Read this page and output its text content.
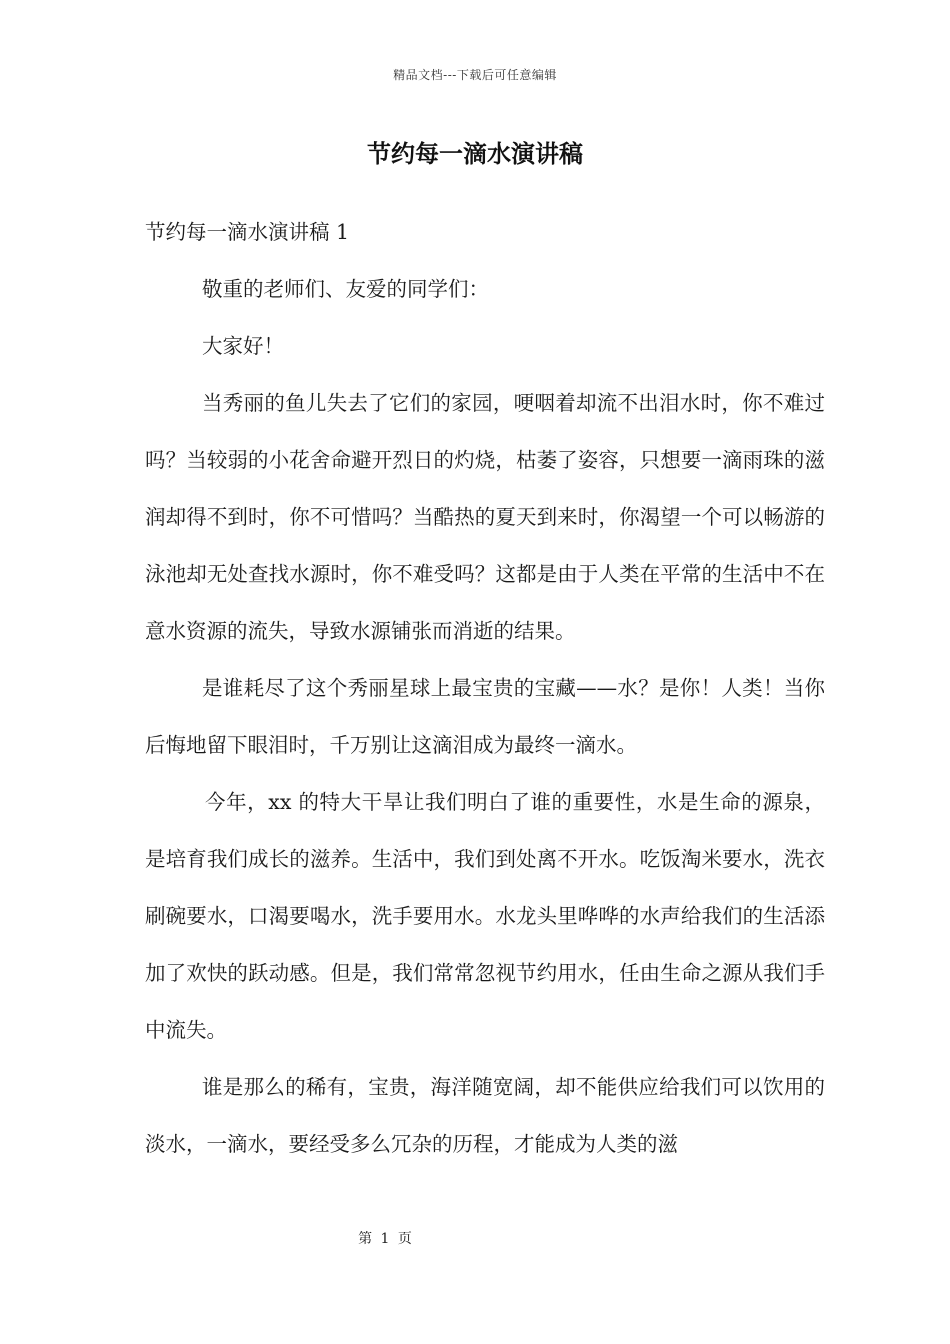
精品文档---下载后可任意编辑
节约每一滴水演讲稿

节约每一滴水演讲稿 1

敬重的老师们、友爱的同学们：

大家好！

当秀丽的鱼儿失去了它们的家园，哽咽着却流不出泪水时，你不难过吗？当较弱的小花舍命避开烈日的灼烧，枯萎了姿容，只想要一滴雨珠的滋润却得不到时，你不可惜吗？当酷热的夏天到来时，你渴望一个可以畅游的泳池却无处查找水源时，你不难受吗？这都是由于人类在平常的生活中不在意水资源的流失，导致水源铺张而消逝的结果。

是谁耗尽了这个秀丽星球上最宝贵的宝藏——水？是你！人类！当你后悔地留下眼泪时，千万别让这滴泪成为最终一滴水。

今年，xx 的特大干旱让我们明白了谁的重要性，水是生命的源泉，是培育我们成长的滋养。生活中，我们到处离不开水。吃饭淘米要水，洗衣刷碗要水，口渴要喝水，洗手要用水。水龙头里哗哗的水声给我们的生活添加了欢快的跃动感。但是，我们常常忽视节约用水，任由生命之源从我们手中流失。

谁是那么的稀有，宝贵，海洋随宽阔，却不能供应给我们可以饮用的淡水，一滴水，要经受多么冗杂的历程，才能成为人类的滋

第 1 页
